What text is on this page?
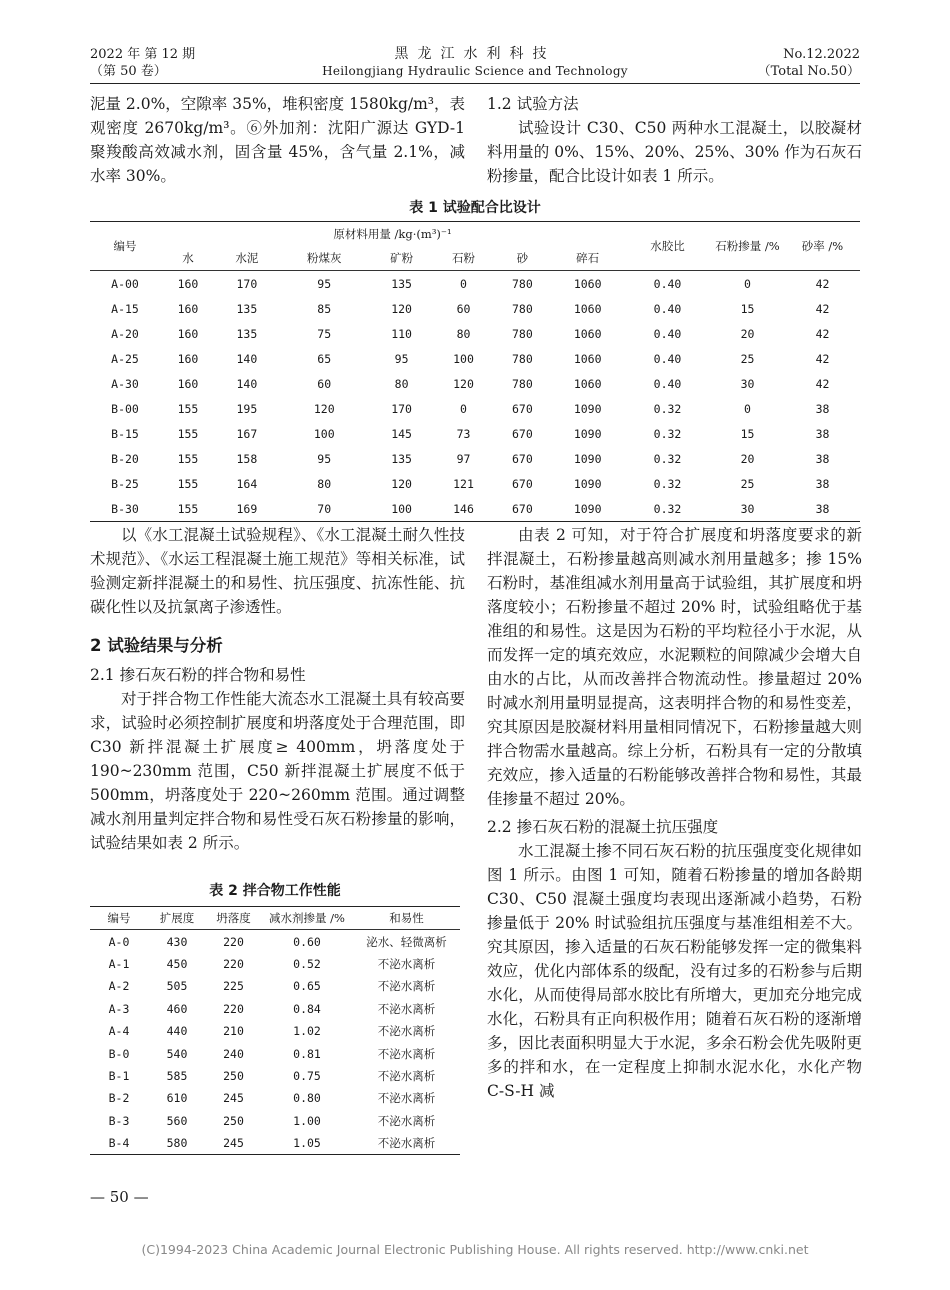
2022 年 第 12 期
（第 50 卷）
黑龙江水利科技
Heilongjiang Hydraulic Science and Technology
No.12.2022
（Total No.50）

泥量 2.0%，空隙率 35%，堆积密度 1580kg/m³，表观密度 2670kg/m³。⑥外加剂：沈阳广源达 GYD-1 聚羧酸高效减水剂，固含量 45%，含气量 2.1%，减水率 30%。

1.2 试验方法

试验设计 C30、C50 两种水工混凝土，以胶凝材料用量的 0%、15%、20%、25%、30% 作为石灰石粉掺量，配合比设计如表 1 所示。

表 1 试验配合比设计
编号	原材料用量 /kg·(m³)⁻¹							水胶比	石粉掺量 /%	砂率 /%
	水	水泥	粉煤灰	矿粉	石粉	砂	碎石			
A-00	160	170	95	135	0	780	1060	0.40	0	42
A-15	160	135	85	120	60	780	1060	0.40	15	42
A-20	160	135	75	110	80	780	1060	0.40	20	42
A-25	160	140	65	95	100	780	1060	0.40	25	42
A-30	160	140	60	80	120	780	1060	0.40	30	42
B-00	155	195	120	170	0	670	1090	0.32	0	38
B-15	155	167	100	145	73	670	1090	0.32	15	38
B-20	155	158	95	135	97	670	1090	0.32	20	38
B-25	155	164	80	120	121	670	1090	0.32	25	38
B-30	155	169	70	100	146	670	1090	0.32	30	38

以《水工混凝土试验规程》、《水工混凝土耐久性技术规范》、《水运工程混凝土施工规范》等相关标准，试验测定新拌混凝土的和易性、抗压强度、抗冻性能、抗碳化性以及抗氯离子渗透性。

2 试验结果与分析

2.1 掺石灰石粉的拌合物和易性

对于拌合物工作性能大流态水工混凝土具有较高要求，试验时必须控制扩展度和坍落度处于合理范围，即 C30 新拌混凝土扩展度≥ 400mm，坍落度处于 190~230mm 范围，C50 新拌混凝土扩展度不低于 500mm，坍落度处于 220~260mm 范围。通过调整减水剂用量判定拌合物和易性受石灰石粉掺量的影响，试验结果如表 2 所示。

表 2 拌合物工作性能
编号	扩展度	坍落度	减水剂掺量 /%	和易性
A-0	430	220	0.60	泌水、轻微离析
A-1	450	220	0.52	不泌水离析
A-2	505	225	0.65	不泌水离析
A-3	460	220	0.84	不泌水离析
A-4	440	210	1.02	不泌水离析
B-0	540	240	0.81	不泌水离析
B-1	585	250	0.75	不泌水离析
B-2	610	245	0.80	不泌水离析
B-3	560	250	1.00	不泌水离析
B-4	580	245	1.05	不泌水离析

由表 2 可知，对于符合扩展度和坍落度要求的新拌混凝土，石粉掺量越高则减水剂用量越多；掺 15% 石粉时，基准组减水剂用量高于试验组，其扩展度和坍落度较小；石粉掺量不超过 20% 时，试验组略优于基准组的和易性。这是因为石粉的平均粒径小于水泥，从而发挥一定的填充效应，水泥颗粒的间隙减少会增大自由水的占比，从而改善拌合物流动性。掺量超过 20% 时减水剂用量明显提高，这表明拌合物的和易性变差，究其原因是胶凝材料用量相同情况下，石粉掺量越大则拌合物需水量越高。综上分析，石粉具有一定的分散填充效应，掺入适量的石粉能够改善拌合物和易性，其最佳掺量不超过 20%。

2.2 掺石灰石粉的混凝土抗压强度

水工混凝土掺不同石灰石粉的抗压强度变化规律如图 1 所示。由图 1 可知，随着石粉掺量的增加各龄期 C30、C50 混凝土强度均表现出逐渐减小趋势，石粉掺量低于 20% 时试验组抗压强度与基准组相差不大。究其原因，掺入适量的石灰石粉能够发挥一定的微集料效应，优化内部体系的级配，没有过多的石粉参与后期水化，从而使得局部水胶比有所增大，更加充分地完成水化，石粉具有正向积极作用；随着石灰石粉的逐渐增多，因比表面积明显大于水泥，多余石粉会优先吸附更多的拌和水，在一定程度上抑制水泥水化，水化产物 C-S-H 减

— 50 —
(C)1994-2023 China Academic Journal Electronic Publishing House. All rights reserved. http://www.cnki.net
